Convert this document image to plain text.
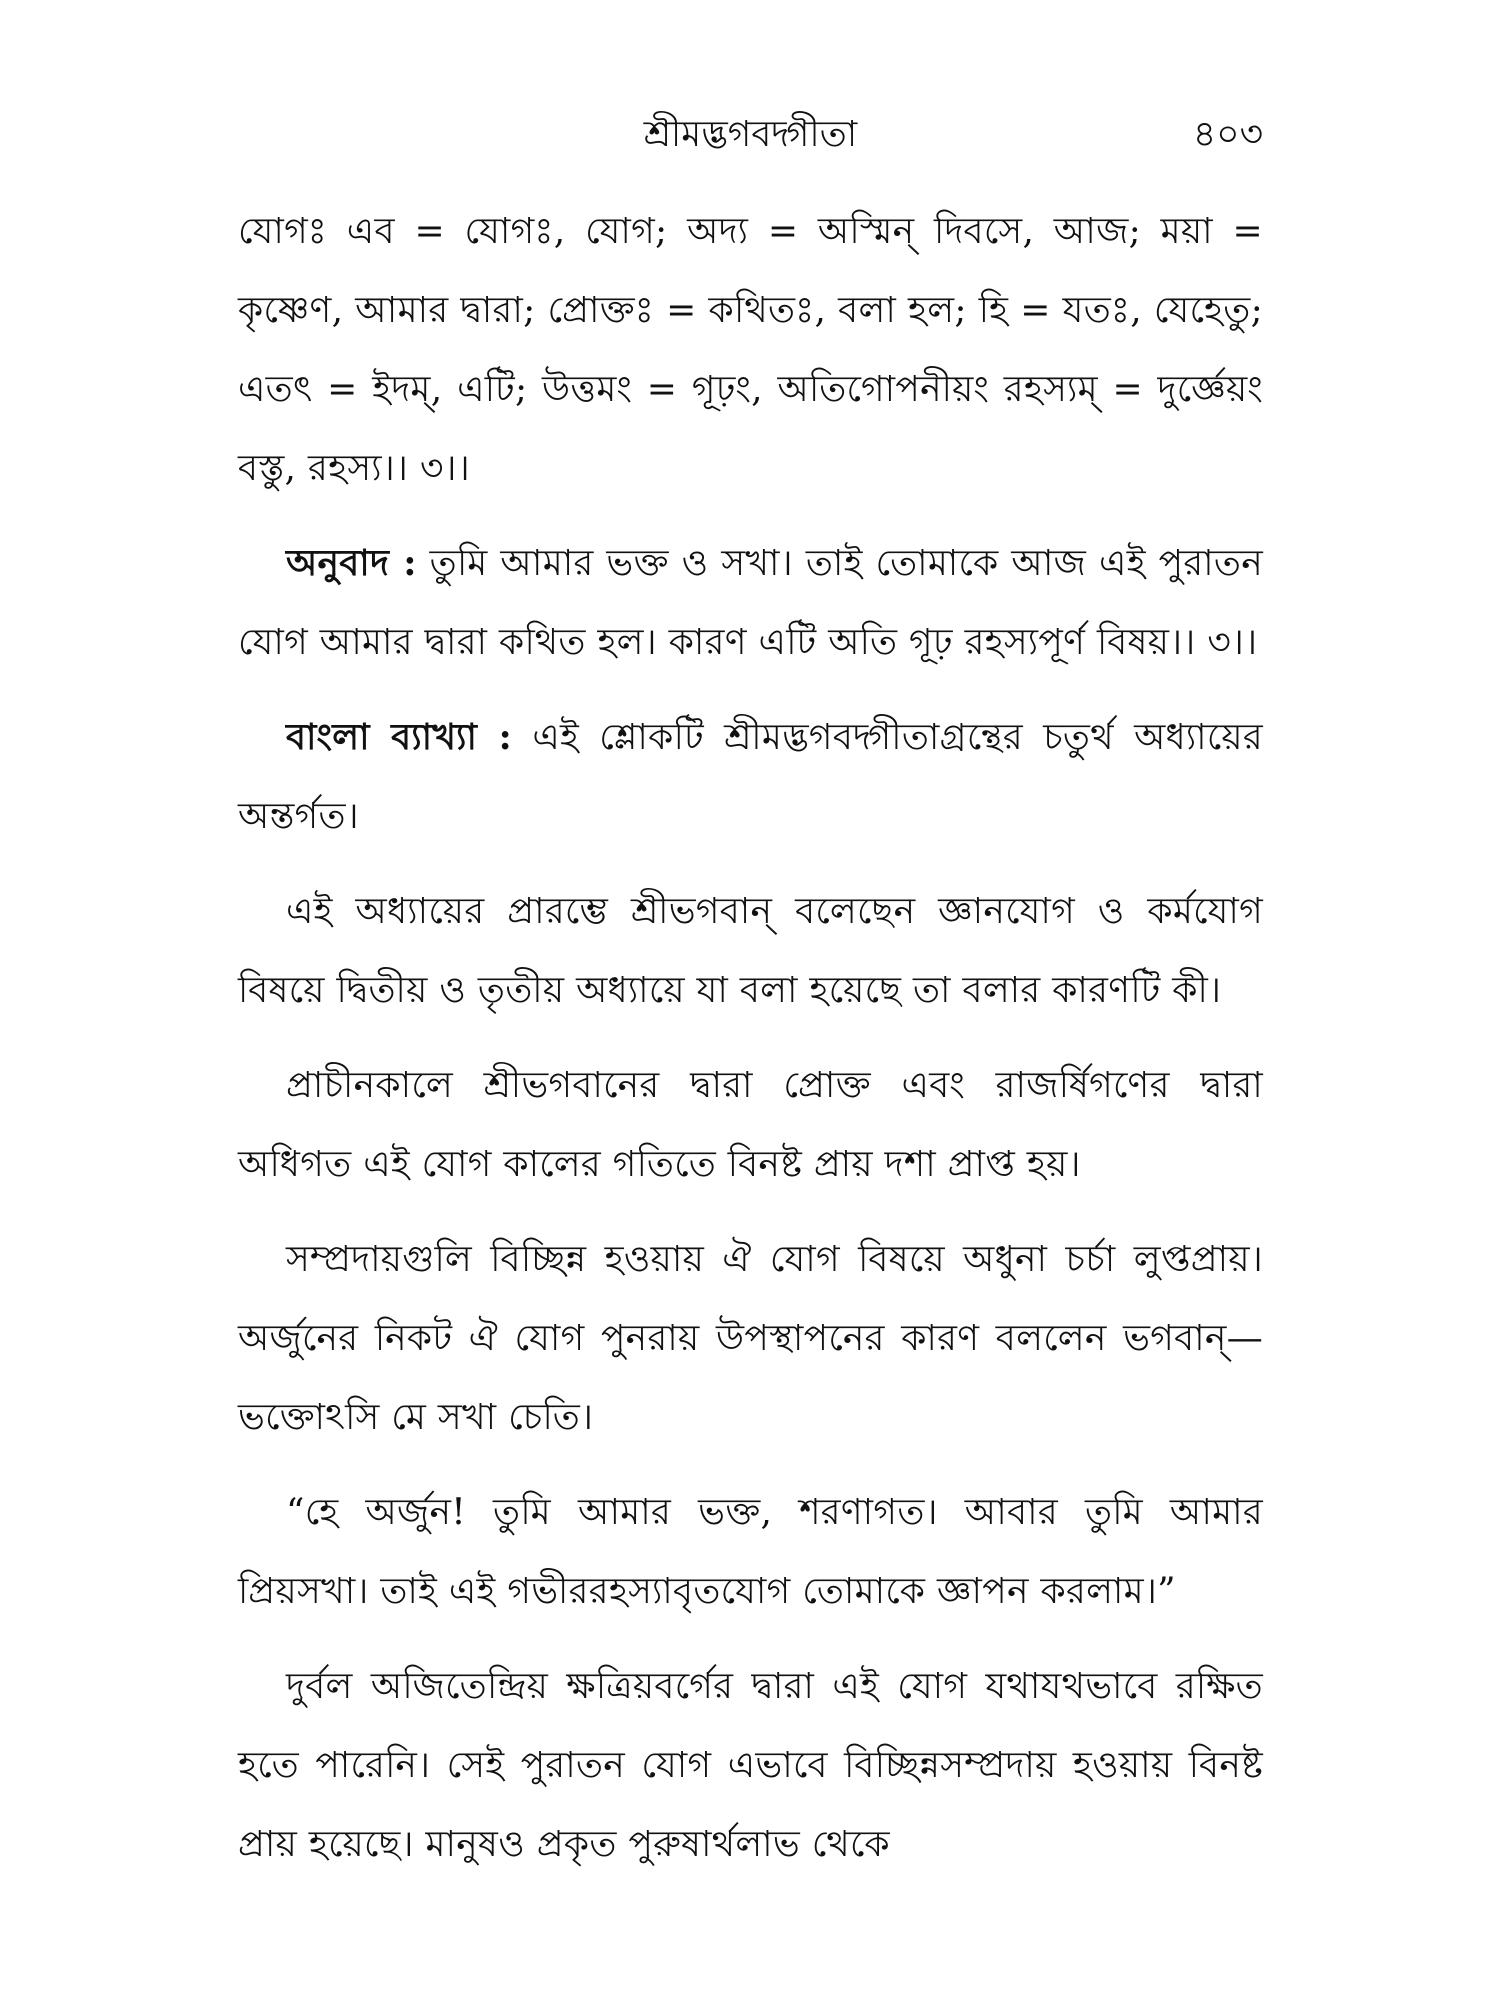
শ্রীমদ্ভগবদ্গীতা	৪০৩

যোগঃ এব = যোগঃ, যোগ; অদ্য = অস্মিন্ দিবসে, আজ; ময়া = কৃষ্ণেণ, আমার দ্বারা; প্রোক্তঃ = কথিতঃ, বলা হল; হি = যতঃ, যেহেতু; এতৎ = ইদম্, এটি; উত্তমং = গূঢ়ং, অতিগোপনীয়ং রহস্যম্ = দুর্জ্ঞেয়ং বস্তু, রহস্য।। ৩।।

অনুবাদ : তুমি আমার ভক্ত ও সখা। তাই তোমাকে আজ এই পুরাতন যোগ আমার দ্বারা কথিত হল। কারণ এটি অতি গূঢ় রহস্যপূর্ণ বিষয়।। ৩।।

বাংলা ব্যাখ্যা : এই শ্লোকটি শ্রীমদ্ভগবদ্গীতাগ্রন্থের চতুর্থ অধ্যায়ের অন্তর্গত।

এই অধ্যায়ের প্রারম্ভে শ্রীভগবান্ বলেছেন জ্ঞানযোগ ও কর্মযোগ বিষয়ে দ্বিতীয় ও তৃতীয় অধ্যায়ে যা বলা হয়েছে তা বলার কারণটি কী।

প্রাচীনকালে শ্রীভগবানের দ্বারা প্রোক্ত এবং রাজর্ষিগণের দ্বারা অধিগত এই যোগ কালের গতিতে বিনষ্ট প্রায় দশা প্রাপ্ত হয়।

সম্প্রদায়গুলি বিচ্ছিন্ন হওয়ায় ঐ যোগ বিষয়ে অধুনা চর্চা লুপ্তপ্রায়। অর্জুনের নিকট ঐ যোগ পুনরায় উপস্থাপনের কারণ বললেন ভগবান্—ভক্তোঽসি মে সখা চেতি।

“হে অর্জুন! তুমি আমার ভক্ত, শরণাগত। আবার তুমি আমার প্রিয়সখা। তাই এই গভীররহস্যাবৃতযোগ তোমাকে জ্ঞাপন করলাম।”

দুর্বল অজিতেন্দ্রিয় ক্ষত্রিয়বর্গের দ্বারা এই যোগ যথাযথভাবে রক্ষিত হতে পারেনি। সেই পুরাতন যোগ এভাবে বিচ্ছিন্নসম্প্রদায় হওয়ায় বিনষ্ট প্রায় হয়েছে। মানুষও প্রকৃত পুরুষার্থলাভ থেকে
